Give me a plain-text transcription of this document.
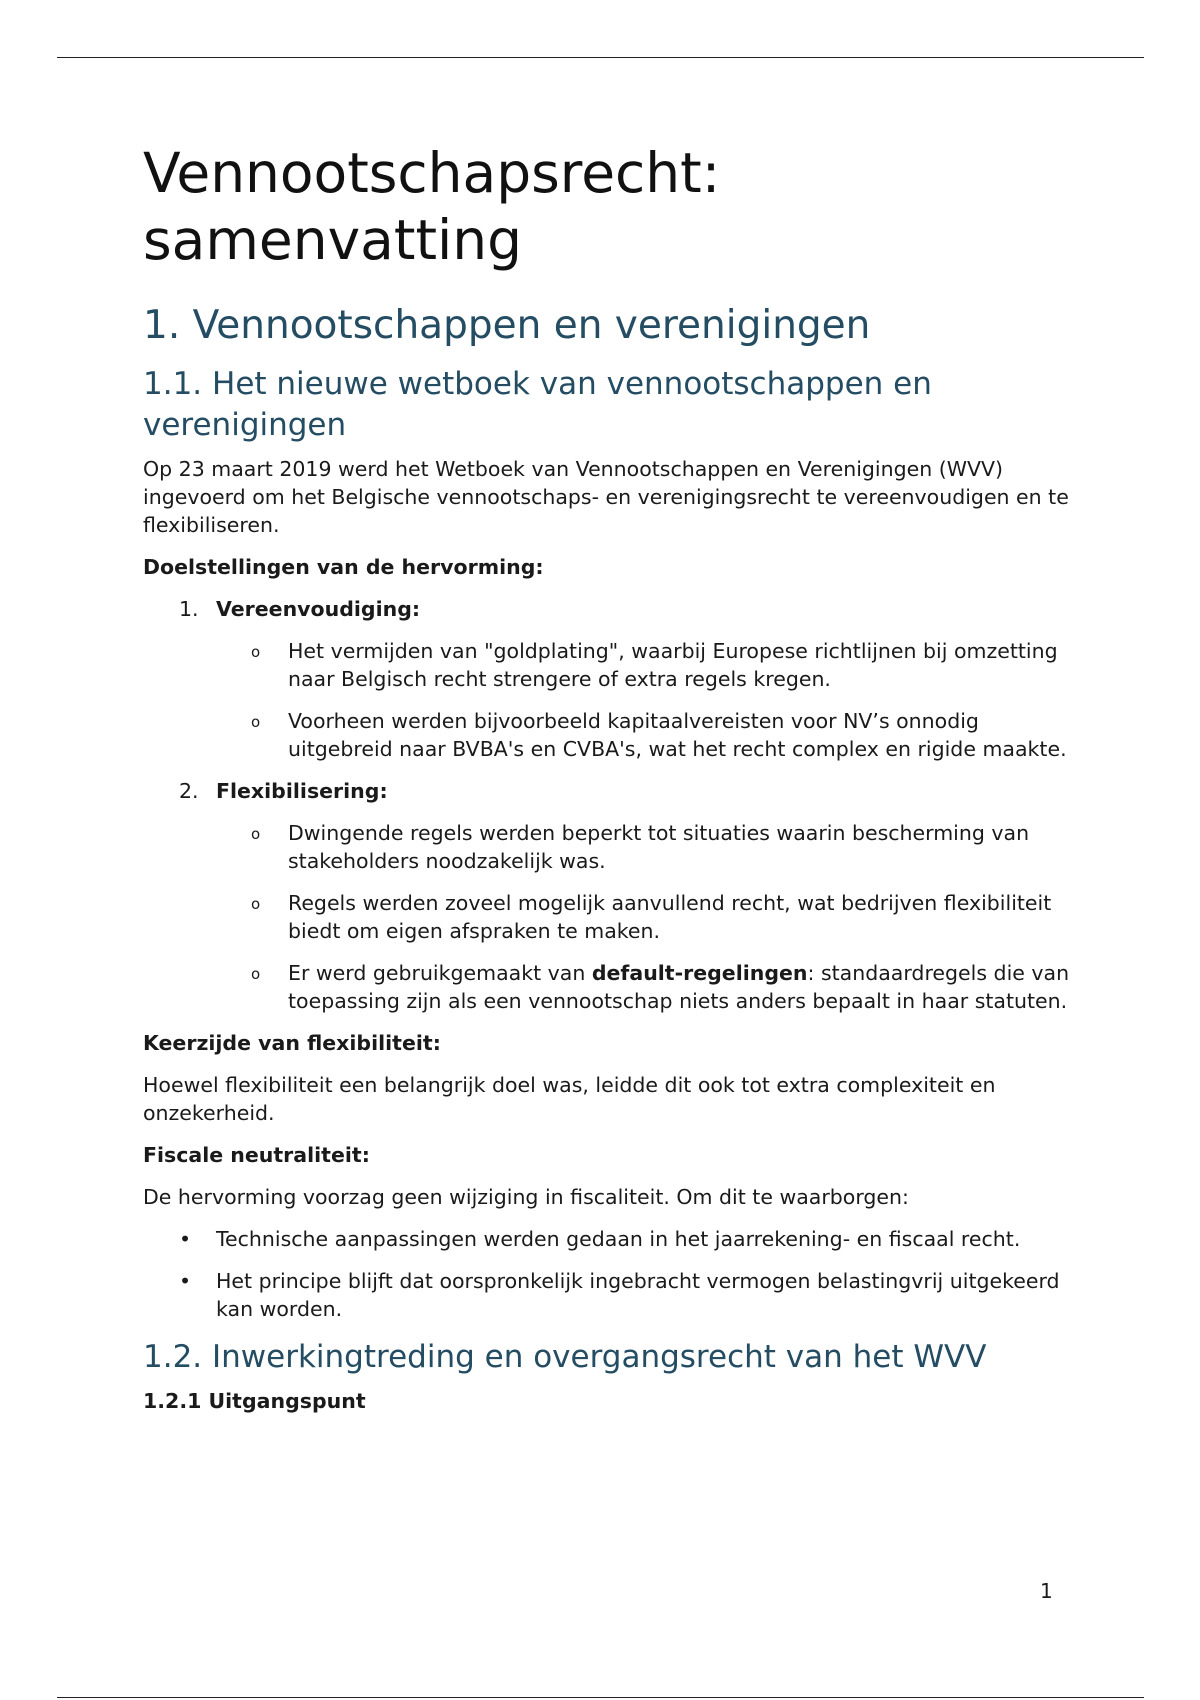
Vennootschapsrecht:
samenvatting
1. Vennootschappen en verenigingen
1.1. Het nieuwe wetboek van vennootschappen en verenigingen

Op 23 maart 2019 werd het Wetboek van Vennootschappen en Verenigingen (WVV) ingevoerd om het Belgische vennootschaps- en verenigingsrecht te vereenvoudigen en te flexibiliseren.

Doelstellingen van de hervorming:

1. Vereenvoudiging:
o Het vermijden van "goldplating", waarbij Europese richtlijnen bij omzetting naar Belgisch recht strengere of extra regels kregen.
o Voorheen werden bijvoorbeeld kapitaalvereisten voor NV’s onnodig uitgebreid naar BVBA's en CVBA's, wat het recht complex en rigide maakte.
2. Flexibilisering:
o Dwingende regels werden beperkt tot situaties waarin bescherming van stakeholders noodzakelijk was.
o Regels werden zoveel mogelijk aanvullend recht, wat bedrijven flexibiliteit biedt om eigen afspraken te maken.
o Er werd gebruikgemaakt van default-regelingen: standaardregels die van toepassing zijn als een vennootschap niets anders bepaalt in haar statuten.

Keerzijde van flexibiliteit:

Hoewel flexibiliteit een belangrijk doel was, leidde dit ook tot extra complexiteit en onzekerheid.

Fiscale neutraliteit:

De hervorming voorzag geen wijziging in fiscaliteit. Om dit te waarborgen:

• Technische aanpassingen werden gedaan in het jaarrekening- en fiscaal recht.
• Het principe blijft dat oorspronkelijk ingebracht vermogen belastingvrij uitgekeerd kan worden.
1.2. Inwerkingtreding en overgangsrecht van het WVV
1.2.1 Uitgangspunt
1
